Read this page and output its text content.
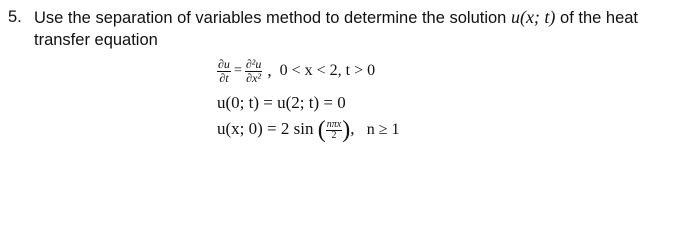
5. Use the separation of variables method to determine the solution u(x; t) of the heat transfer equation
$\frac{\partial u}{\partial t} = \frac{\text{∂²u}}{\text{∂x²}}$ , 0 < x < 2, t > 0
u(0; t) = u(2; t) = 0
u(x; 0) = 2 sin ( $\frac{\text{nπx}}{2}$ ), n ≥ 1
